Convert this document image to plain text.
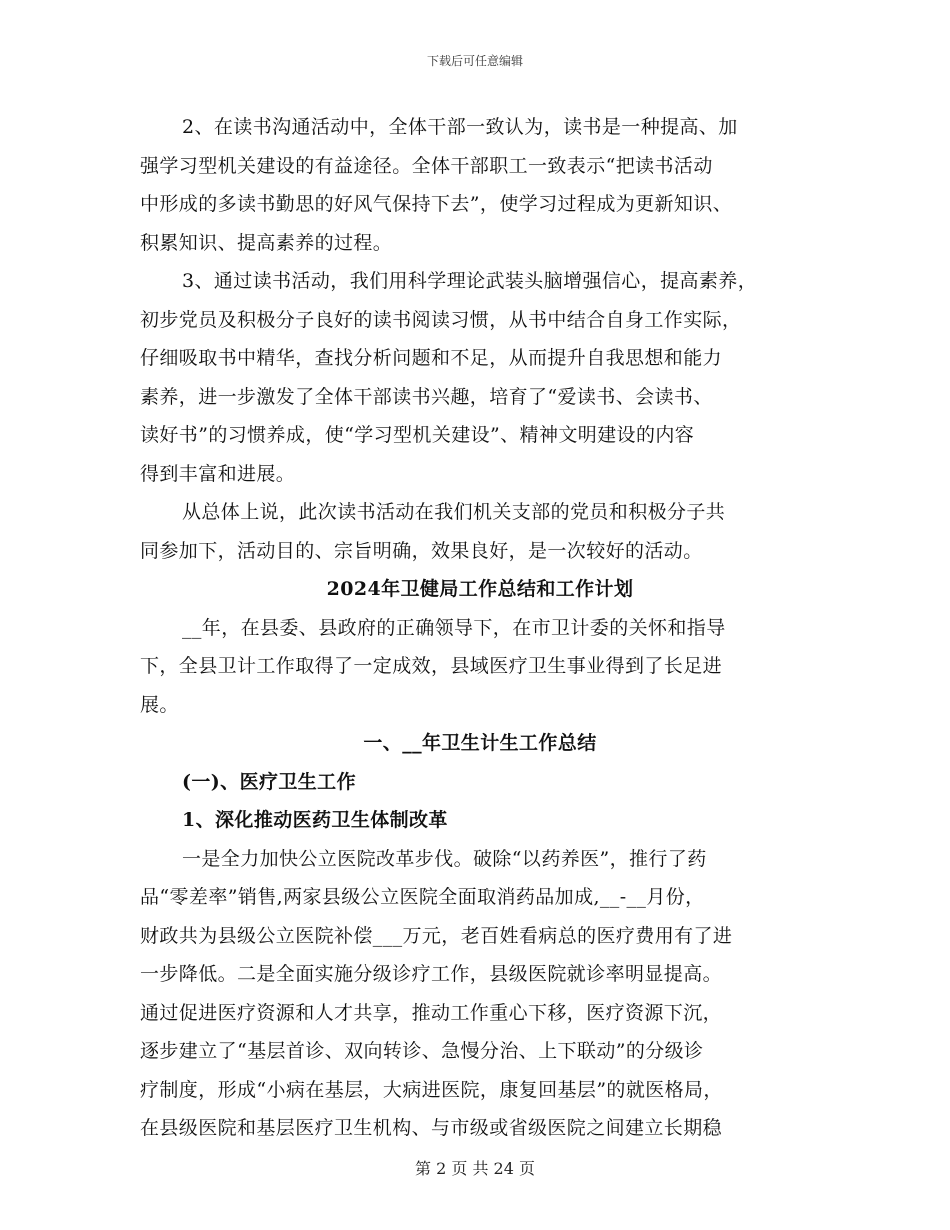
下载后可任意编辑
2、在读书沟通活动中，全体干部一致认为，读书是一种提高、加
强学习型机关建设的有益途径。全体干部职工一致表示“把读书活动
中形成的多读书勤思的好风气保持下去”，使学习过程成为更新知识、
积累知识、提高素养的过程。
3、通过读书活动，我们用科学理论武装头脑增强信心，提高素养，
初步党员及积极分子良好的读书阅读习惯，从书中结合自身工作实际，
仔细吸取书中精华，查找分析问题和不足，从而提升自我思想和能力
素养，进一步激发了全体干部读书兴趣，培育了“爱读书、会读书、
读好书”的习惯养成，使“学习型机关建设”、精神文明建设的内容
得到丰富和进展。
从总体上说，此次读书活动在我们机关支部的党员和积极分子共
同参加下，活动目的、宗旨明确，效果良好，是一次较好的活动。
2024年卫健局工作总结和工作计划
__年，在县委、县政府的正确领导下，在市卫计委的关怀和指导
下，全县卫计工作取得了一定成效，县域医疗卫生事业得到了长足进
展。
一、__年卫生计生工作总结
(一)、医疗卫生工作
1、深化推动医药卫生体制改革
一是全力加快公立医院改革步伐。破除“以药养医”，推行了药
品“零差率”销售,两家县级公立医院全面取消药品加成,__-__月份，
财政共为县级公立医院补偿___万元，老百姓看病总的医疗费用有了进
一步降低。二是全面实施分级诊疗工作，县级医院就诊率明显提高。
通过促进医疗资源和人才共享，推动工作重心下移，医疗资源下沉，
逐步建立了“基层首诊、双向转诊、急慢分治、上下联动”的分级诊
疗制度，形成“小病在基层，大病进医院，康复回基层”的就医格局，
在县级医院和基层医疗卫生机构、与市级或省级医院之间建立长期稳
第 2 页 共 24 页
